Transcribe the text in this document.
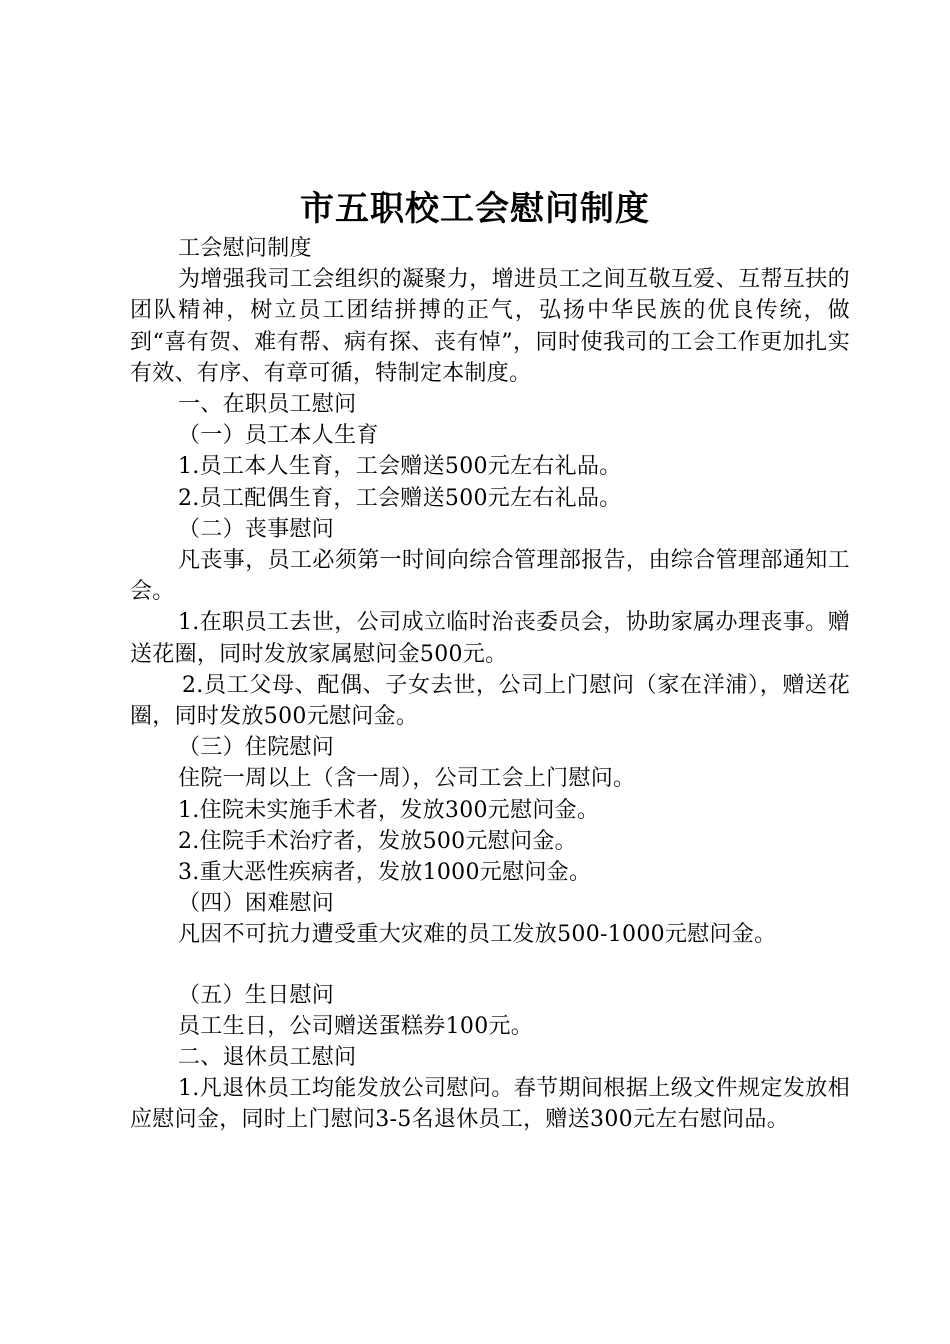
市五职校工会慰问制度

工会慰问制度

为增强我司工会组织的凝聚力，增进员工之间互敬互爱、互帮互扶的团队精神，树立员工团结拼搏的正气，弘扬中华民族的优良传统，做到“喜有贺、难有帮、病有探、丧有悼”，同时使我司的工会工作更加扎实有效、有序、有章可循，特制定本制度。

一、在职员工慰问

（一）员工本人生育

1.员工本人生育，工会赠送500元左右礼品。

2.员工配偶生育，工会赠送500元左右礼品。

（二）丧事慰问

凡丧事，员工必须第一时间向综合管理部报告，由综合管理部通知工会。

1.在职员工去世，公司成立临时治丧委员会，协助家属办理丧事。赠送花圈，同时发放家属慰问金500元。

2.员工父母、配偶、子女去世，公司上门慰问（家在洋浦），赠送花圈，同时发放500元慰问金。

（三）住院慰问

住院一周以上（含一周），公司工会上门慰问。

1.住院未实施手术者，发放300元慰问金。

2.住院手术治疗者，发放500元慰问金。

3.重大恶性疾病者，发放1000元慰问金。

（四）困难慰问

凡因不可抗力遭受重大灾难的员工发放500-1000元慰问金。

（五）生日慰问

员工生日，公司赠送蛋糕券100元。

二、退休员工慰问

1.凡退休员工均能发放公司慰问。春节期间根据上级文件规定发放相应慰问金，同时上门慰问3-5名退休员工，赠送300元左右慰问品。
